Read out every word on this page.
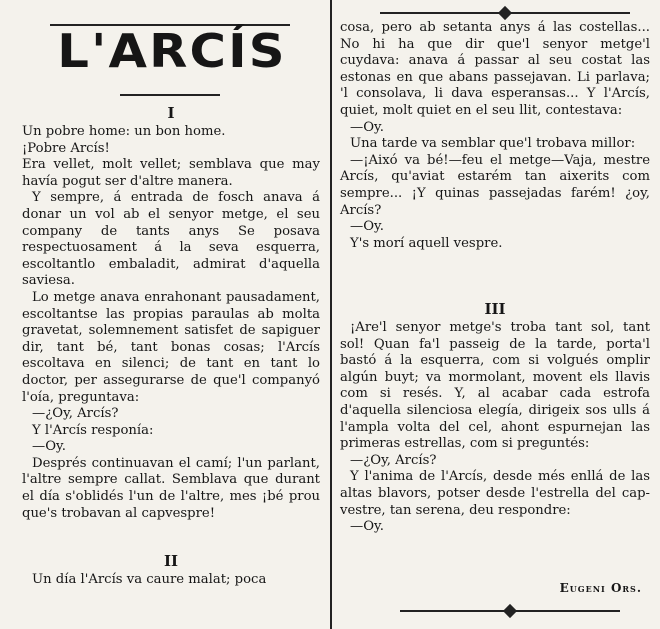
L'ARCÍS
I

Un pobre home: un bon home.

¡Pobre Arcís!

Era vellet, molt vellet; semblava que may havía pogut ser d'altre manera.

Y sempre, á entrada de fosch anava á donar un vol ab el senyor metge, el seu company de tants anys Se posava respectuosament á la seva esquerra, escoltantlo embaladit, admirat d'aquella saviesa.

Lo metge anava enrahonant pausadament, escoltantse las propias paraulas ab molta gravetat, solemnement satisfet de sapiguer dir, tant bé, tant bonas cosas; l'Arcís escoltava en silenci; de tant en tant lo doctor, per assegurarse de que'l companyó l'oía, preguntava:

—¿Oy, Arcís?

Y l'Arcís responía:

—Oy.

Després continuavan el camí; l'un parlant, l'altre sempre callat. Semblava que durant el día s'oblidés l'un de l'altre, mes ¡bé prou que's trobavan al capvespre!

II

Un día l'Arcís va caure malat; poca

cosa, pero ab setanta anys á las costellas... No hi ha que dir que'l senyor metge'l cuydava: anava á passar al seu costat las estonas en que abans passejavan. Li parlava; 'l consolava, li dava esperansas... Y l'Arcís, quiet, molt quiet en el seu llit, contestava:

—Oy.

Una tarde va semblar que'l trobava millor:

—¡Aixó va bé!—feu el metge—Vaja, mestre Arcís, qu'aviat estarém tan aixerits com sempre... ¡Y quinas passejadas farém! ¿oy, Arcís?

—Oy.

Y's morí aquell vespre.

III

¡Are'l senyor metge's troba tant sol, tant sol! Quan fa'l passeig de la tarde, porta'l bastó á la esquerra, com si volgués omplir algún buyt; va mormolant, movent els llavis com si resés. Y, al acabar cada estrofa d'aquella silenciosa elegía, dirigeix sos ulls á l'ampla volta del cel, ahont espurnejan las primeras estrellas, com si preguntés:

—¿Oy, Arcís?

Y l'anima de l'Arcís, desde més enllá de las altas blavors, potser desde l'estrella del cap-vestre, tan serena, deu respondre:

—Oy.

Eugeni Ors.
